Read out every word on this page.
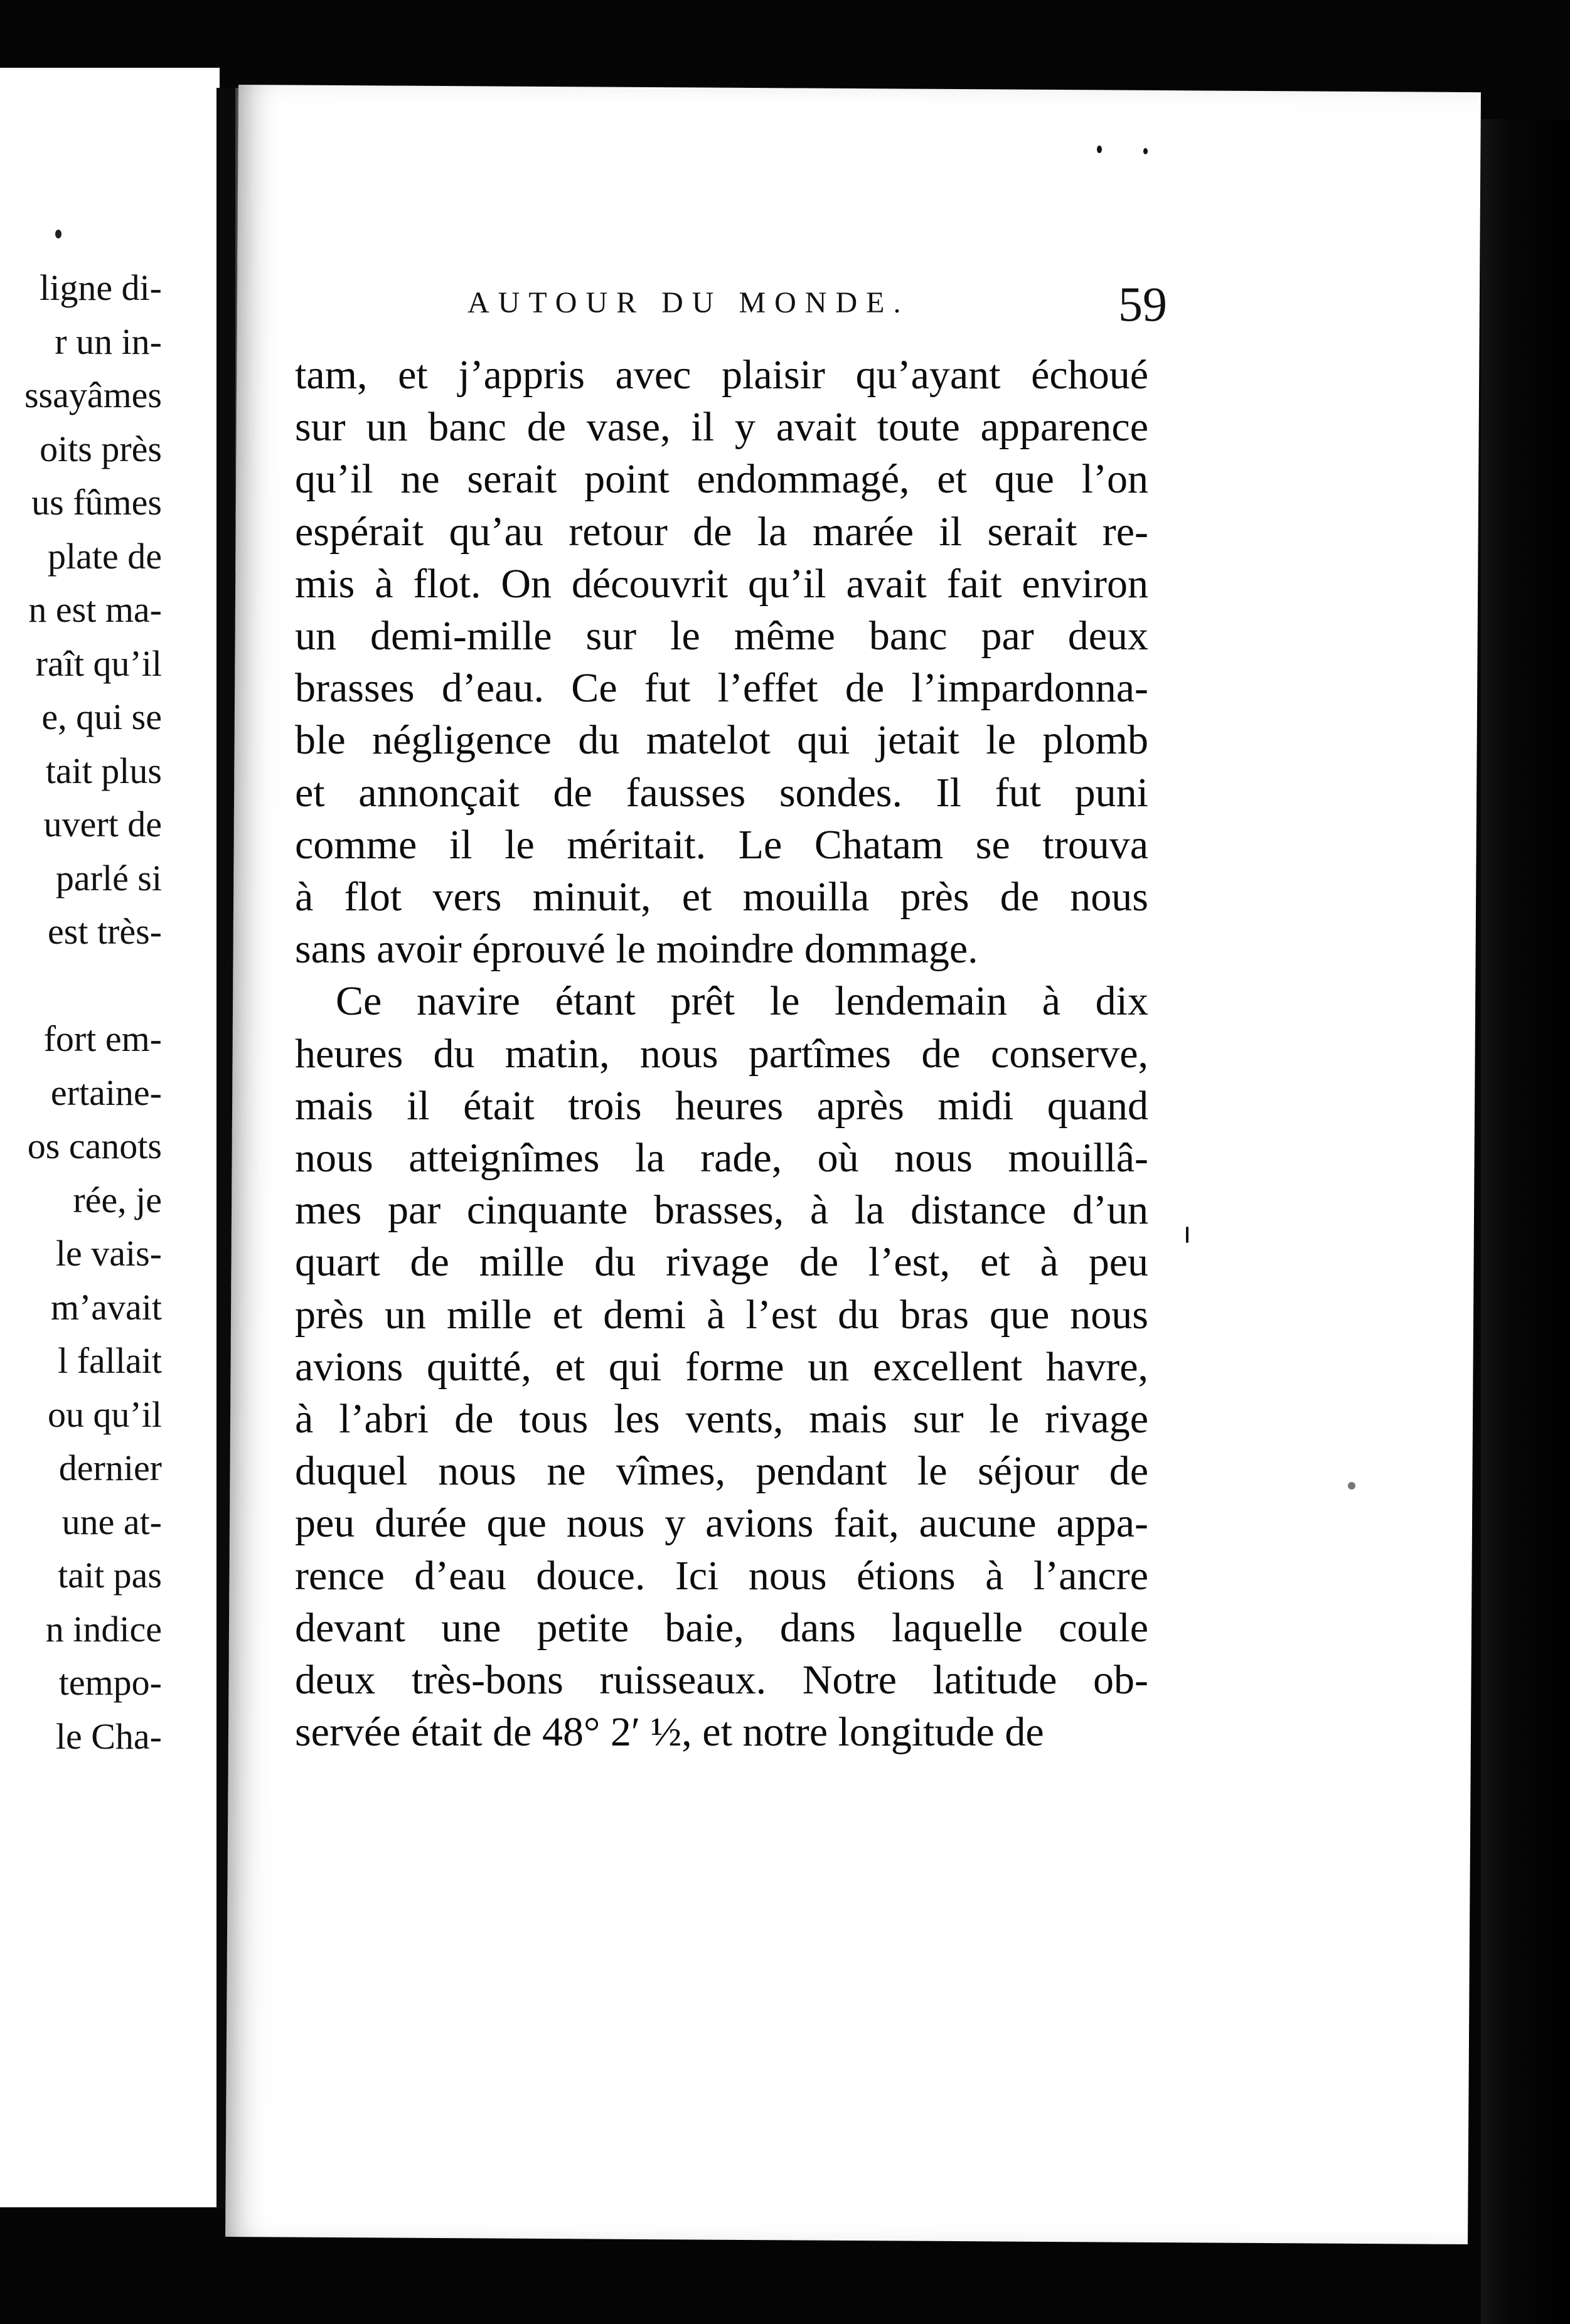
ligne di-
r un in-
ssayâmes
oits près
us fûmes
plate de
n est ma-
raît qu’il
e, qui se
tait plus
uvert de
parlé si
est très-
fort em-
ertaine-
os canots
rée, je
le vais-
m’avait
l fallait
ou qu’il
dernier
une at-
tait pas
n indice
tempo-
le Cha-
AUTOUR DU MONDE.	59
tam, et j’appris avec plaisir qu’ayant échoué
sur un banc de vase, il y avait toute apparence
qu’il ne serait point endommagé, et que l’on
espérait qu’au retour de la marée il serait re-
mis à flot. On découvrit qu’il avait fait environ
un demi-mille sur le même banc par deux
brasses d’eau. Ce fut l’effet de l’impardonna-
ble négligence du matelot qui jetait le plomb
et annonçait de fausses sondes. Il fut puni
comme il le méritait. Le Chatam se trouva
à flot vers minuit, et mouilla près de nous
sans avoir éprouvé le moindre dommage.
Ce navire étant prêt le lendemain à dix
heures du matin, nous partîmes de conserve,
mais il était trois heures après midi quand
nous atteignîmes la rade, où nous mouillâ-
mes par cinquante brasses, à la distance d’un
quart de mille du rivage de l’est, et à peu
près un mille et demi à l’est du bras que nous
avions quitté, et qui forme un excellent havre,
à l’abri de tous les vents, mais sur le rivage
duquel nous ne vîmes, pendant le séjour de
peu durée que nous y avions fait, aucune appa-
rence d’eau douce. Ici nous étions à l’ancre
devant une petite baie, dans laquelle coule
deux très-bons ruisseaux. Notre latitude ob-
servée était de 48° 2′ ½, et notre longitude de
